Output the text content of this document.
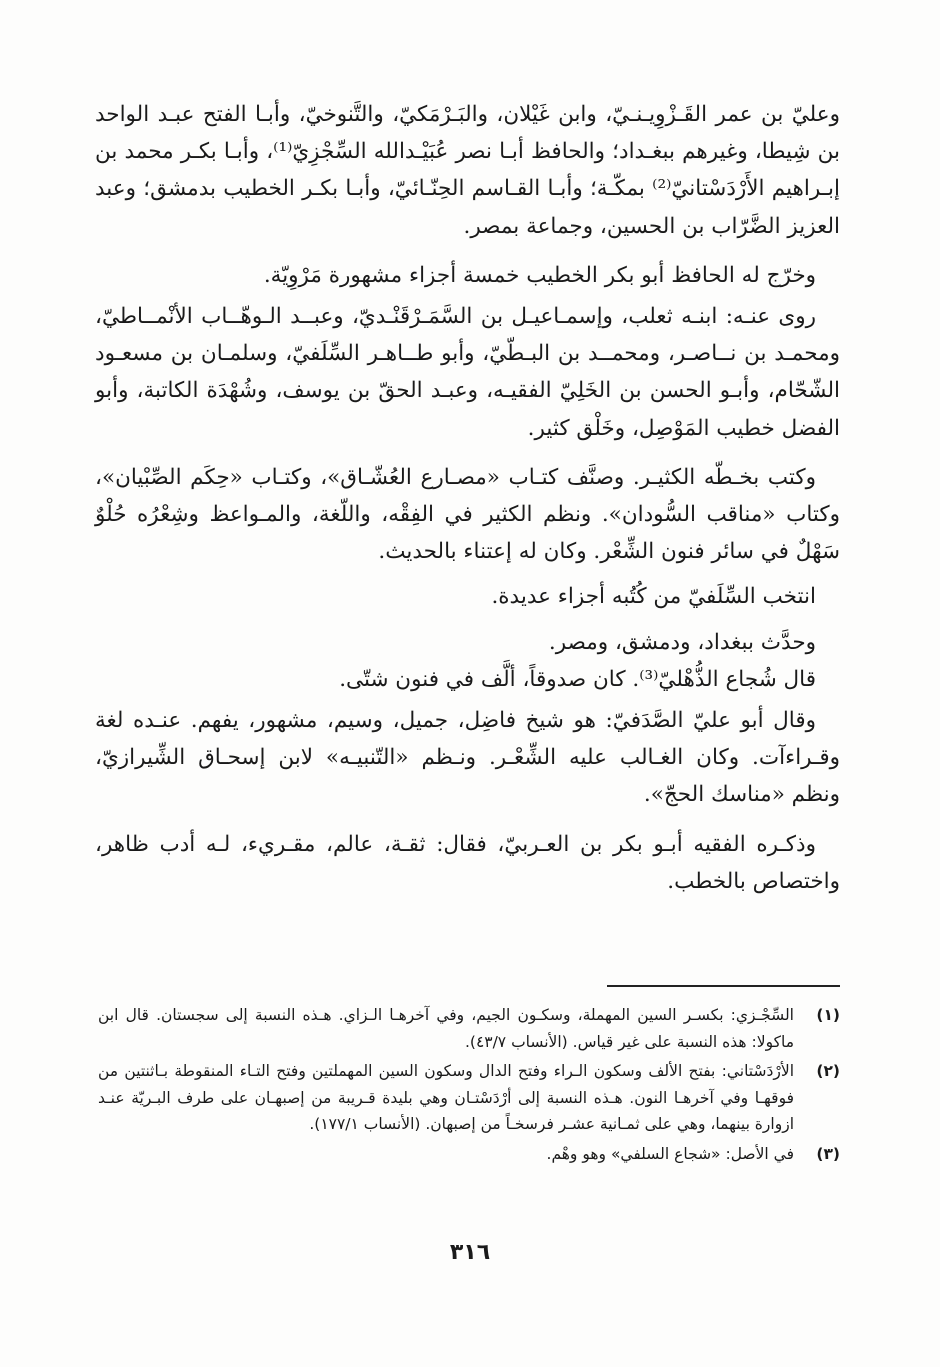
وعليّ بن عمر القَـزْوِيـنـيّ، وابن غَيْلان، والبَـرْمَكيّ، والتَّنوخيّ، وأبـا الفتح عبـد الواحد بن شِيطا، وغيرهم ببغـداد؛ والحافظ أبـا نصر عُبَيْـدالله السِّجْزِيّ⁽¹⁾، وأبـا بكـر محمد بن إبـراهيم الأَرْدَسْتانيّ⁽²⁾ بمكّـة؛ وأبـا القـاسم الحِنّـائيّ، وأبـا بكـر الخطيب بدمشق؛ وعبد العزيز الضَّرّاب بن الحسين، وجماعة بمصر.

وخرّج له الحافظ أبو بكر الخطيب خمسة أجزاء مشهورة مَرْوِيّة.

روى عنـه: ابنـه ثعلب، وإسمـاعيـل بن السَّمَـرْقَنْـديّ، وعبــد الـوهّــاب الأنْمــاطيّ، ومحمـد بن نــاصـر، ومحمــد بن البـطّيّ، وأبو طــاهـر السِّلَفيّ، وسلمـان بن مسعـود الشّحّام، وأبـو الحسن بن الخَلِيّ الفقيـه، وعبـد الحقّ بن يوسف، وشُهْدَة الكاتبة، وأبو الفضل خطيب المَوْصِل، وخَلْق كثير.

وكتب بخـطّه الكثيـر. وصنَّف كتـاب «مصـارع العُشّـاق»، وكتـاب «حِكَم الصِّبْيان»، وكتاب «مناقب السُّودان». ونظم الكثير في الفِقْه، واللّغة، والمـواعظ وشِعْرُه حُلْوٌ سَهْلٌ في سائر فنون الشِّعْر. وكان له إعتناء بالحديث.

انتخب السِّلَفيّ من كُتُبه أجزاء عديدة.

وحدَّث ببغداد، ودمشق، ومصر.

قال شُجاع الذُّهْليّ⁽³⁾. كان صدوقاً، ألَّف في فنون شتّى.

وقال أبو عليّ الصَّدَفيّ: هو شيخ فاضِل، جميل، وسيم، مشهور، يفهم. عنـده لغة وقـراءآت. وكان الغـالب عليه الشِّعْـر. ونـظم «التّنبيـه» لابن إسحـاق الشِّيرازيّ، ونظم «مناسك الحجّ».

وذكـره الفقيه أبـو بكر بن العـربيّ، فقال: ثقـة، عالم، مقـريء، لـه أدب ظاهر، واختصاص بالخطب.

(١)
السِّجْـزي: بكسـر السين المهملة، وسكـون الجيم، وفي آخرهـا الـزاي. هـذه النسبة إلى سجستان. قال ابن ماكولا: هذه النسبة على غير قياس. (الأنساب ٤٣/٧).
(٢)
الأرْدَسْتاني: بفتح الألف وسكون الـراء وفتح الدال وسكون السين المهملتين وفتح التـاء المنقوطة بـاثنتين من فوقهـا وفي آخرهـا النون. هـذه النسبة إلى أرْدَسْتـان وهي بليدة قـريبة من إصبهـان على طرف البـريّة عنـد ازوارة بينهما، وهي على ثمـانية عشـر فرسخـاً من إصبهان. (الأنساب ١٧٧/١).
(٣)
في الأصل: «شجاع السلفي» وهو وهْم.
٣١٦
